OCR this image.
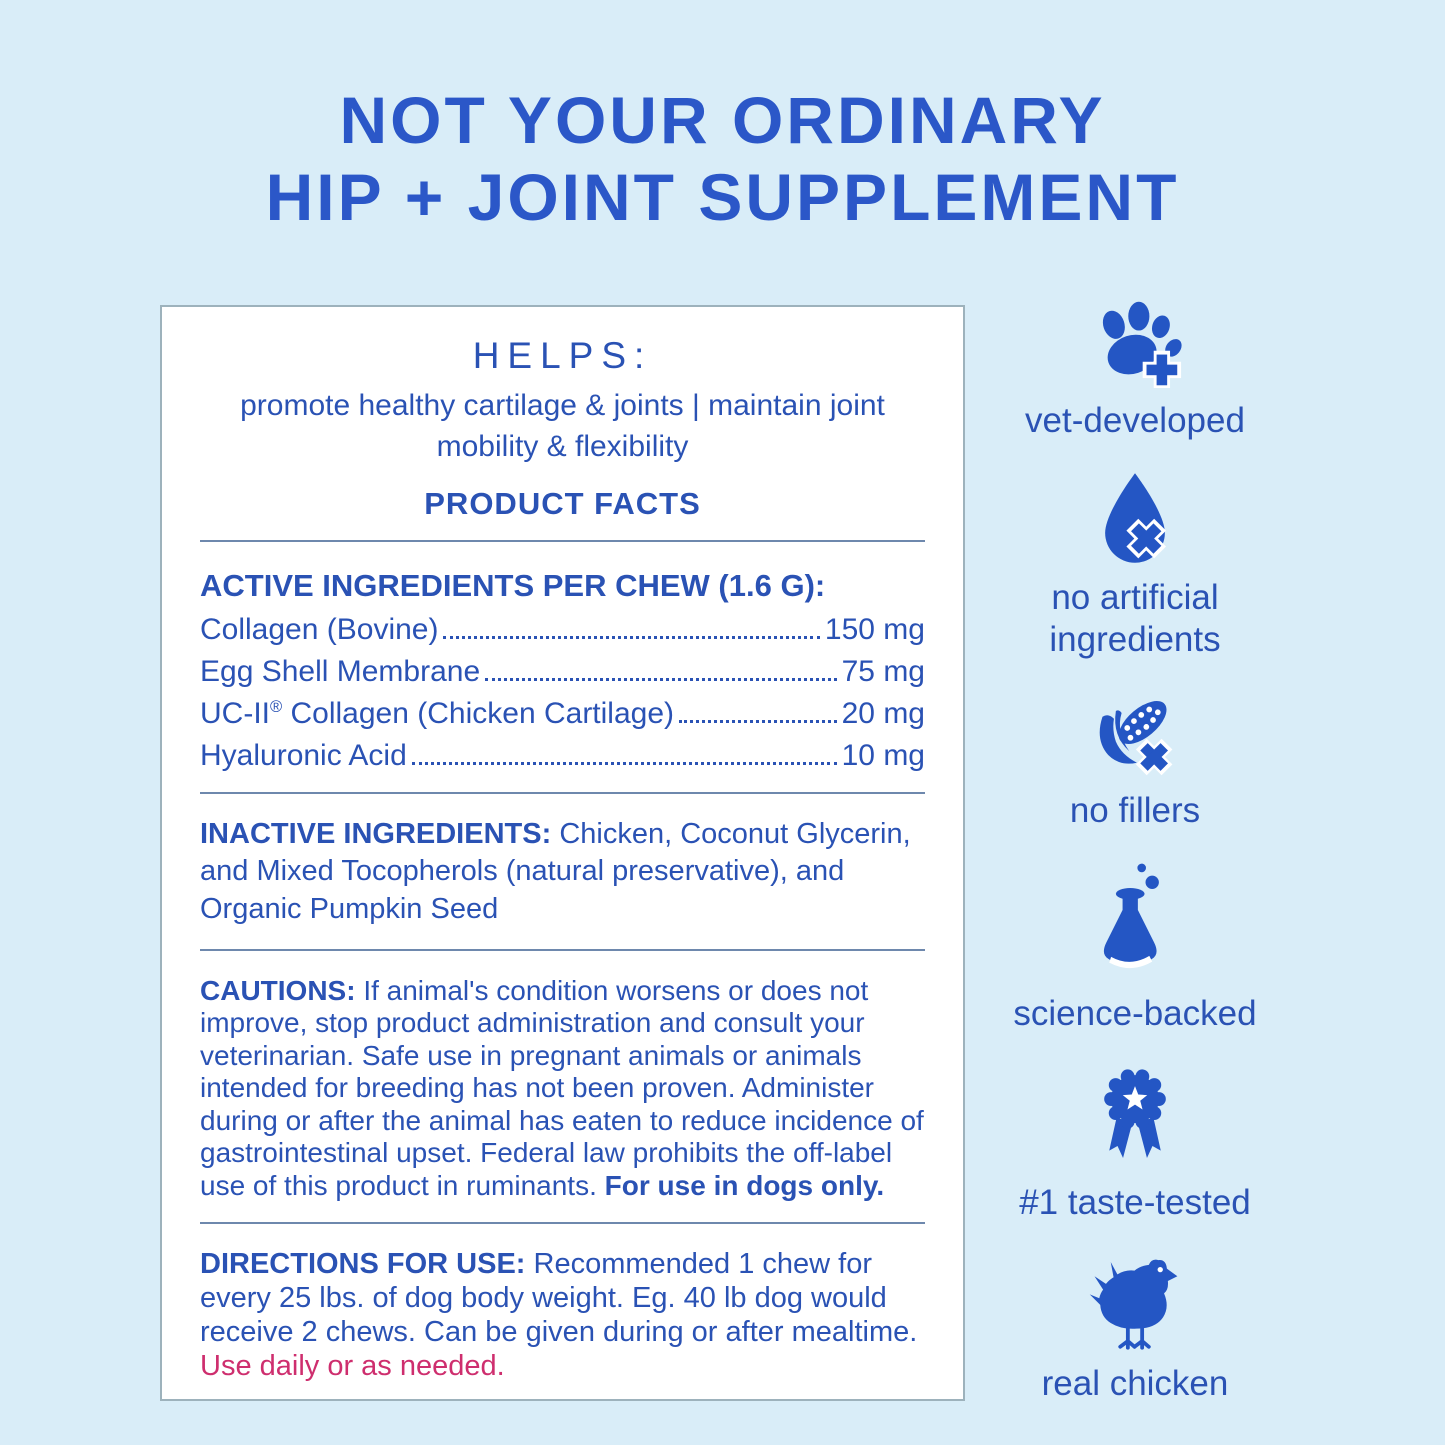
NOT YOUR ORDINARY
HIP + JOINT SUPPLEMENT
HELPS:
promote healthy cartilage & joints | maintain joint mobility & flexibility
PRODUCT FACTS
ACTIVE INGREDIENTS PER CHEW (1.6 G):
Collagen (Bovine)	150 mg
Egg Shell Membrane	75 mg
UC-II® Collagen (Chicken Cartilage)	20 mg
Hyaluronic Acid	10 mg

INACTIVE INGREDIENTS: Chicken, Coconut Glycerin, and Mixed Tocopherols (natural preservative), and Organic Pumpkin Seed

CAUTIONS: If animal's condition worsens or does not improve, stop product administration and consult your veterinarian. Safe use in pregnant animals or animals intended for breeding has not been proven. Administer during or after the animal has eaten to reduce incidence of gastrointestinal upset. Federal law prohibits the off-label use of this product in ruminants. For use in dogs only.

DIRECTIONS FOR USE: Recommended 1 chew for every 25 lbs. of dog body weight. Eg. 40 lb dog would receive 2 chews. Can be given during or after mealtime. Use daily or as needed.

vet-developed
no artificial ingredients
no fillers
science-backed
#1 taste-tested
real chicken
